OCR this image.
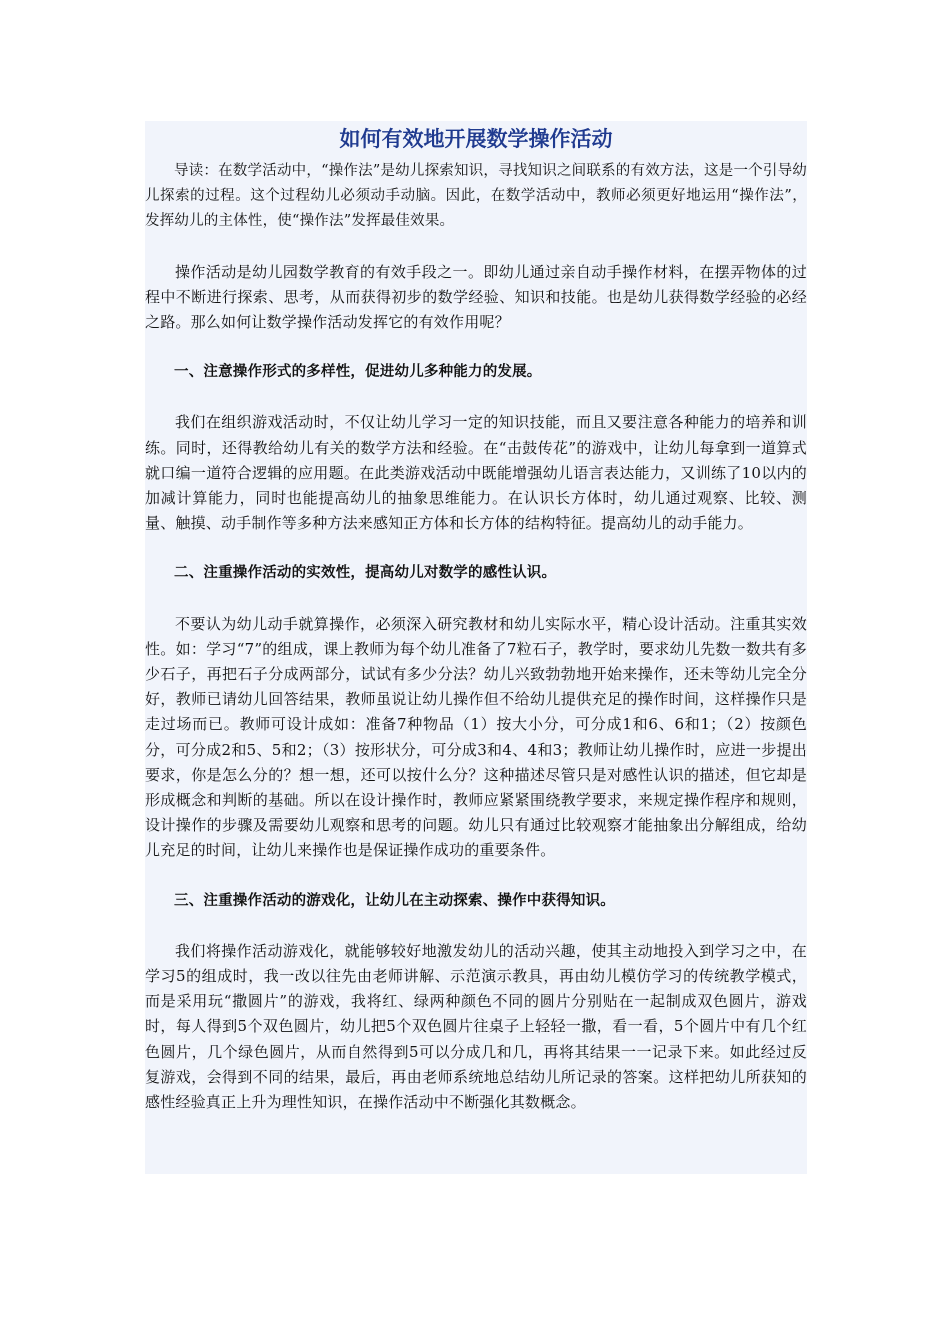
如何有效地开展数学操作活动

导读：在数学活动中，“操作法”是幼儿探索知识，寻找知识之间联系的有效方法，这是一个引导幼儿探索的过程。这个过程幼儿必须动手动脑。因此，在数学活动中，教师必须更好地运用“操作法”，发挥幼儿的主体性，使“操作法”发挥最佳效果。

操作活动是幼儿园数学教育的有效手段之一。即幼儿通过亲自动手操作材料，在摆弄物体的过程中不断进行探索、思考，从而获得初步的数学经验、知识和技能。也是幼儿获得数学经验的必经之路。那么如何让数学操作活动发挥它的有效作用呢？

一、注意操作形式的多样性，促进幼儿多种能力的发展。

我们在组织游戏活动时，不仅让幼儿学习一定的知识技能，而且又要注意各种能力的培养和训练。同时，还得教给幼儿有关的数学方法和经验。在“击鼓传花”的游戏中，让幼儿每拿到一道算式就口编一道符合逻辑的应用题。在此类游戏活动中既能增强幼儿语言表达能力，又训练了10以内的加减计算能力，同时也能提高幼儿的抽象思维能力。在认识长方体时，幼儿通过观察、比较、测量、触摸、动手制作等多种方法来感知正方体和长方体的结构特征。提高幼儿的动手能力。

二、注重操作活动的实效性，提高幼儿对数学的感性认识。

不要认为幼儿动手就算操作，必须深入研究教材和幼儿实际水平，精心设计活动。注重其实效性。如：学习“7”的组成，课上教师为每个幼儿准备了7粒石子，教学时，要求幼儿先数一数共有多少石子，再把石子分成两部分，试试有多少分法？幼儿兴致勃勃地开始来操作，还未等幼儿完全分好，教师已请幼儿回答结果，教师虽说让幼儿操作但不给幼儿提供充足的操作时间，这样操作只是走过场而已。教师可设计成如：准备7种物品（1）按大小分，可分成1和6、6和1；（2）按颜色分，可分成2和5、5和2；（3）按形状分，可分成3和4、4和3；教师让幼儿操作时，应进一步提出要求，你是怎么分的？想一想，还可以按什么分？这种描述尽管只是对感性认识的描述，但它却是形成概念和判断的基础。所以在设计操作时，教师应紧紧围绕教学要求，来规定操作程序和规则，设计操作的步骤及需要幼儿观察和思考的问题。幼儿只有通过比较观察才能抽象出分解组成，给幼儿充足的时间，让幼儿来操作也是保证操作成功的重要条件。

三、注重操作活动的游戏化，让幼儿在主动探索、操作中获得知识。

我们将操作活动游戏化，就能够较好地激发幼儿的活动兴趣，使其主动地投入到学习之中，在学习5的组成时，我一改以往先由老师讲解、示范演示教具，再由幼儿模仿学习的传统教学模式，而是采用玩“撒圆片”的游戏，我将红、绿两种颜色不同的圆片分别贴在一起制成双色圆片，游戏时，每人得到5个双色圆片，幼儿把5个双色圆片往桌子上轻轻一撒，看一看，5个圆片中有几个红色圆片，几个绿色圆片，从而自然得到5可以分成几和几，再将其结果一一记录下来。如此经过反复游戏，会得到不同的结果，最后，再由老师系统地总结幼儿所记录的答案。这样把幼儿所获知的感性经验真正上升为理性知识，在操作活动中不断强化其数概念。
